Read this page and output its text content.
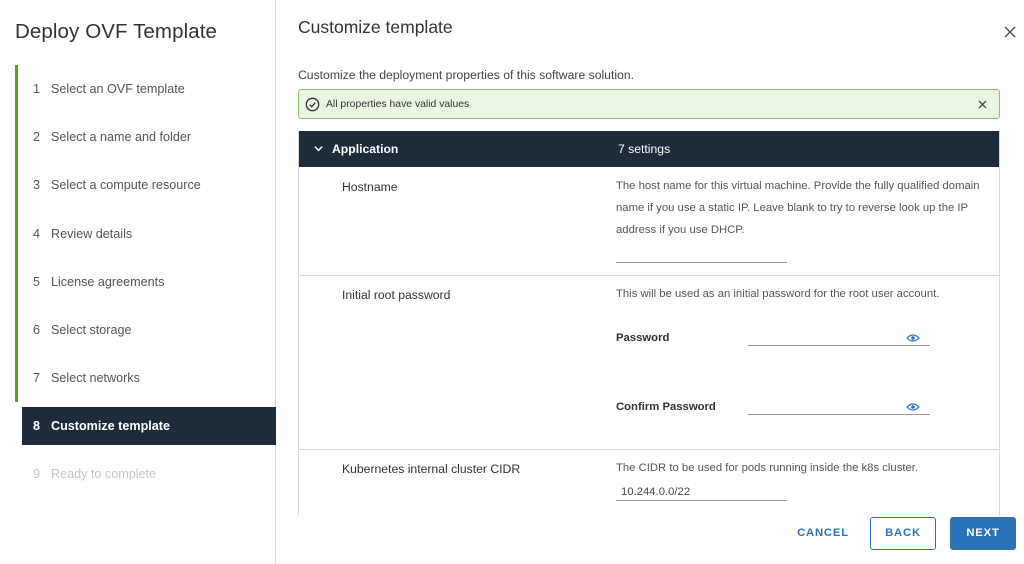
Deploy OVF Template
1 Select an OVF template
2 Select a name and folder
3 Select a compute resource
4 Review details
5 License agreements
6 Select storage
7 Select networks
8 Customize template
9 Ready to complete
Customize template
Customize the deployment properties of this software solution.
All properties have valid values
Application	7 settings
Hostname	The host name for this virtual machine. Provide the fully qualified domain name if you use a static IP. Leave blank to try to reverse look up the IP address if you use DHCP.
Initial root password	This will be used as an initial password for the root user account.
Password
Confirm Password
Kubernetes internal cluster CIDR	The CIDR to be used for pods running inside the k8s cluster.
10.244.0.0/22
CANCEL	BACK	NEXT
